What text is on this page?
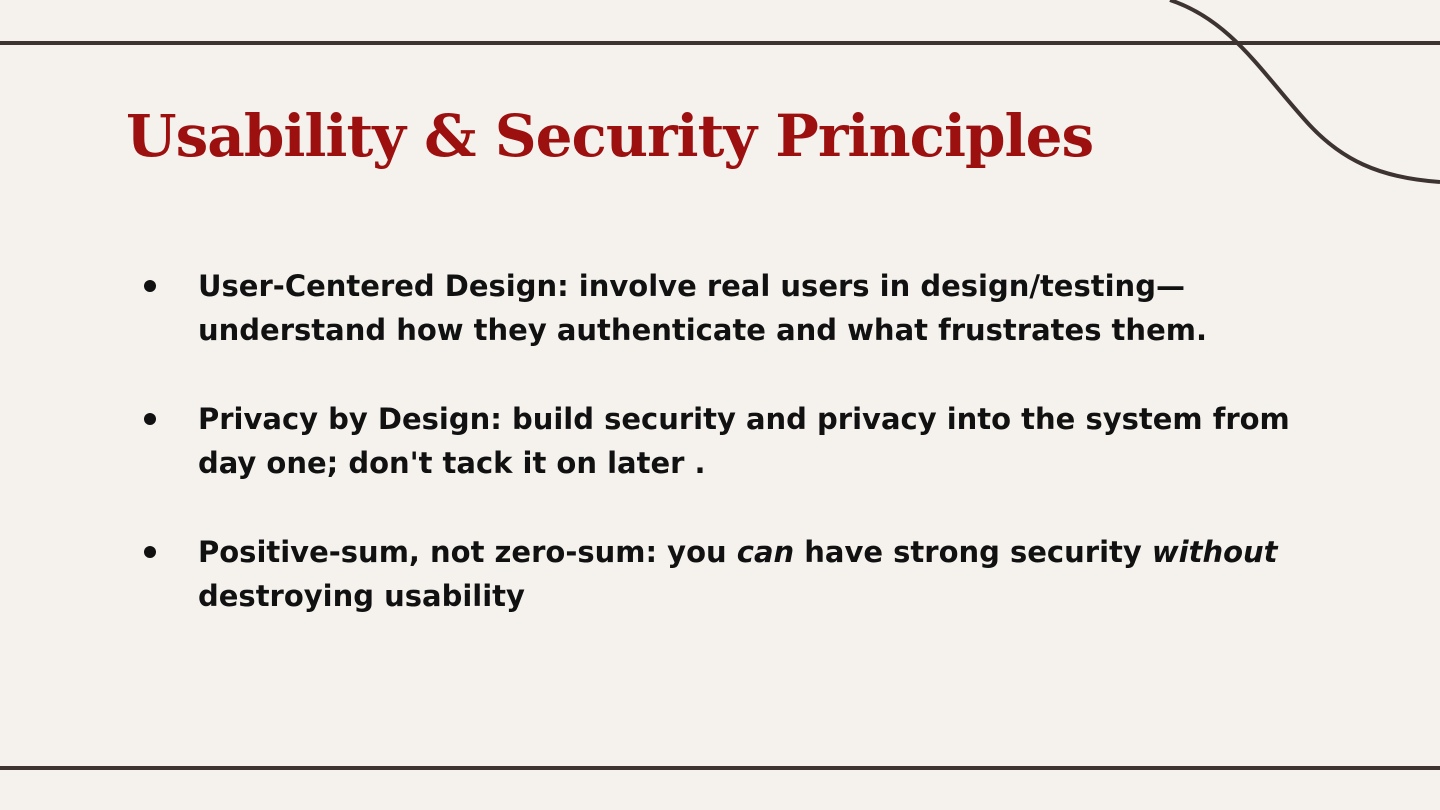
Usability & Security Principles
User-Centered Design: involve real users in design/testing—understand how they authenticate and what frustrates them.
Privacy by Design: build security and privacy into the system from day one; don't tack it on later .
Positive-sum, not zero-sum: you can have strong security without destroying usability
